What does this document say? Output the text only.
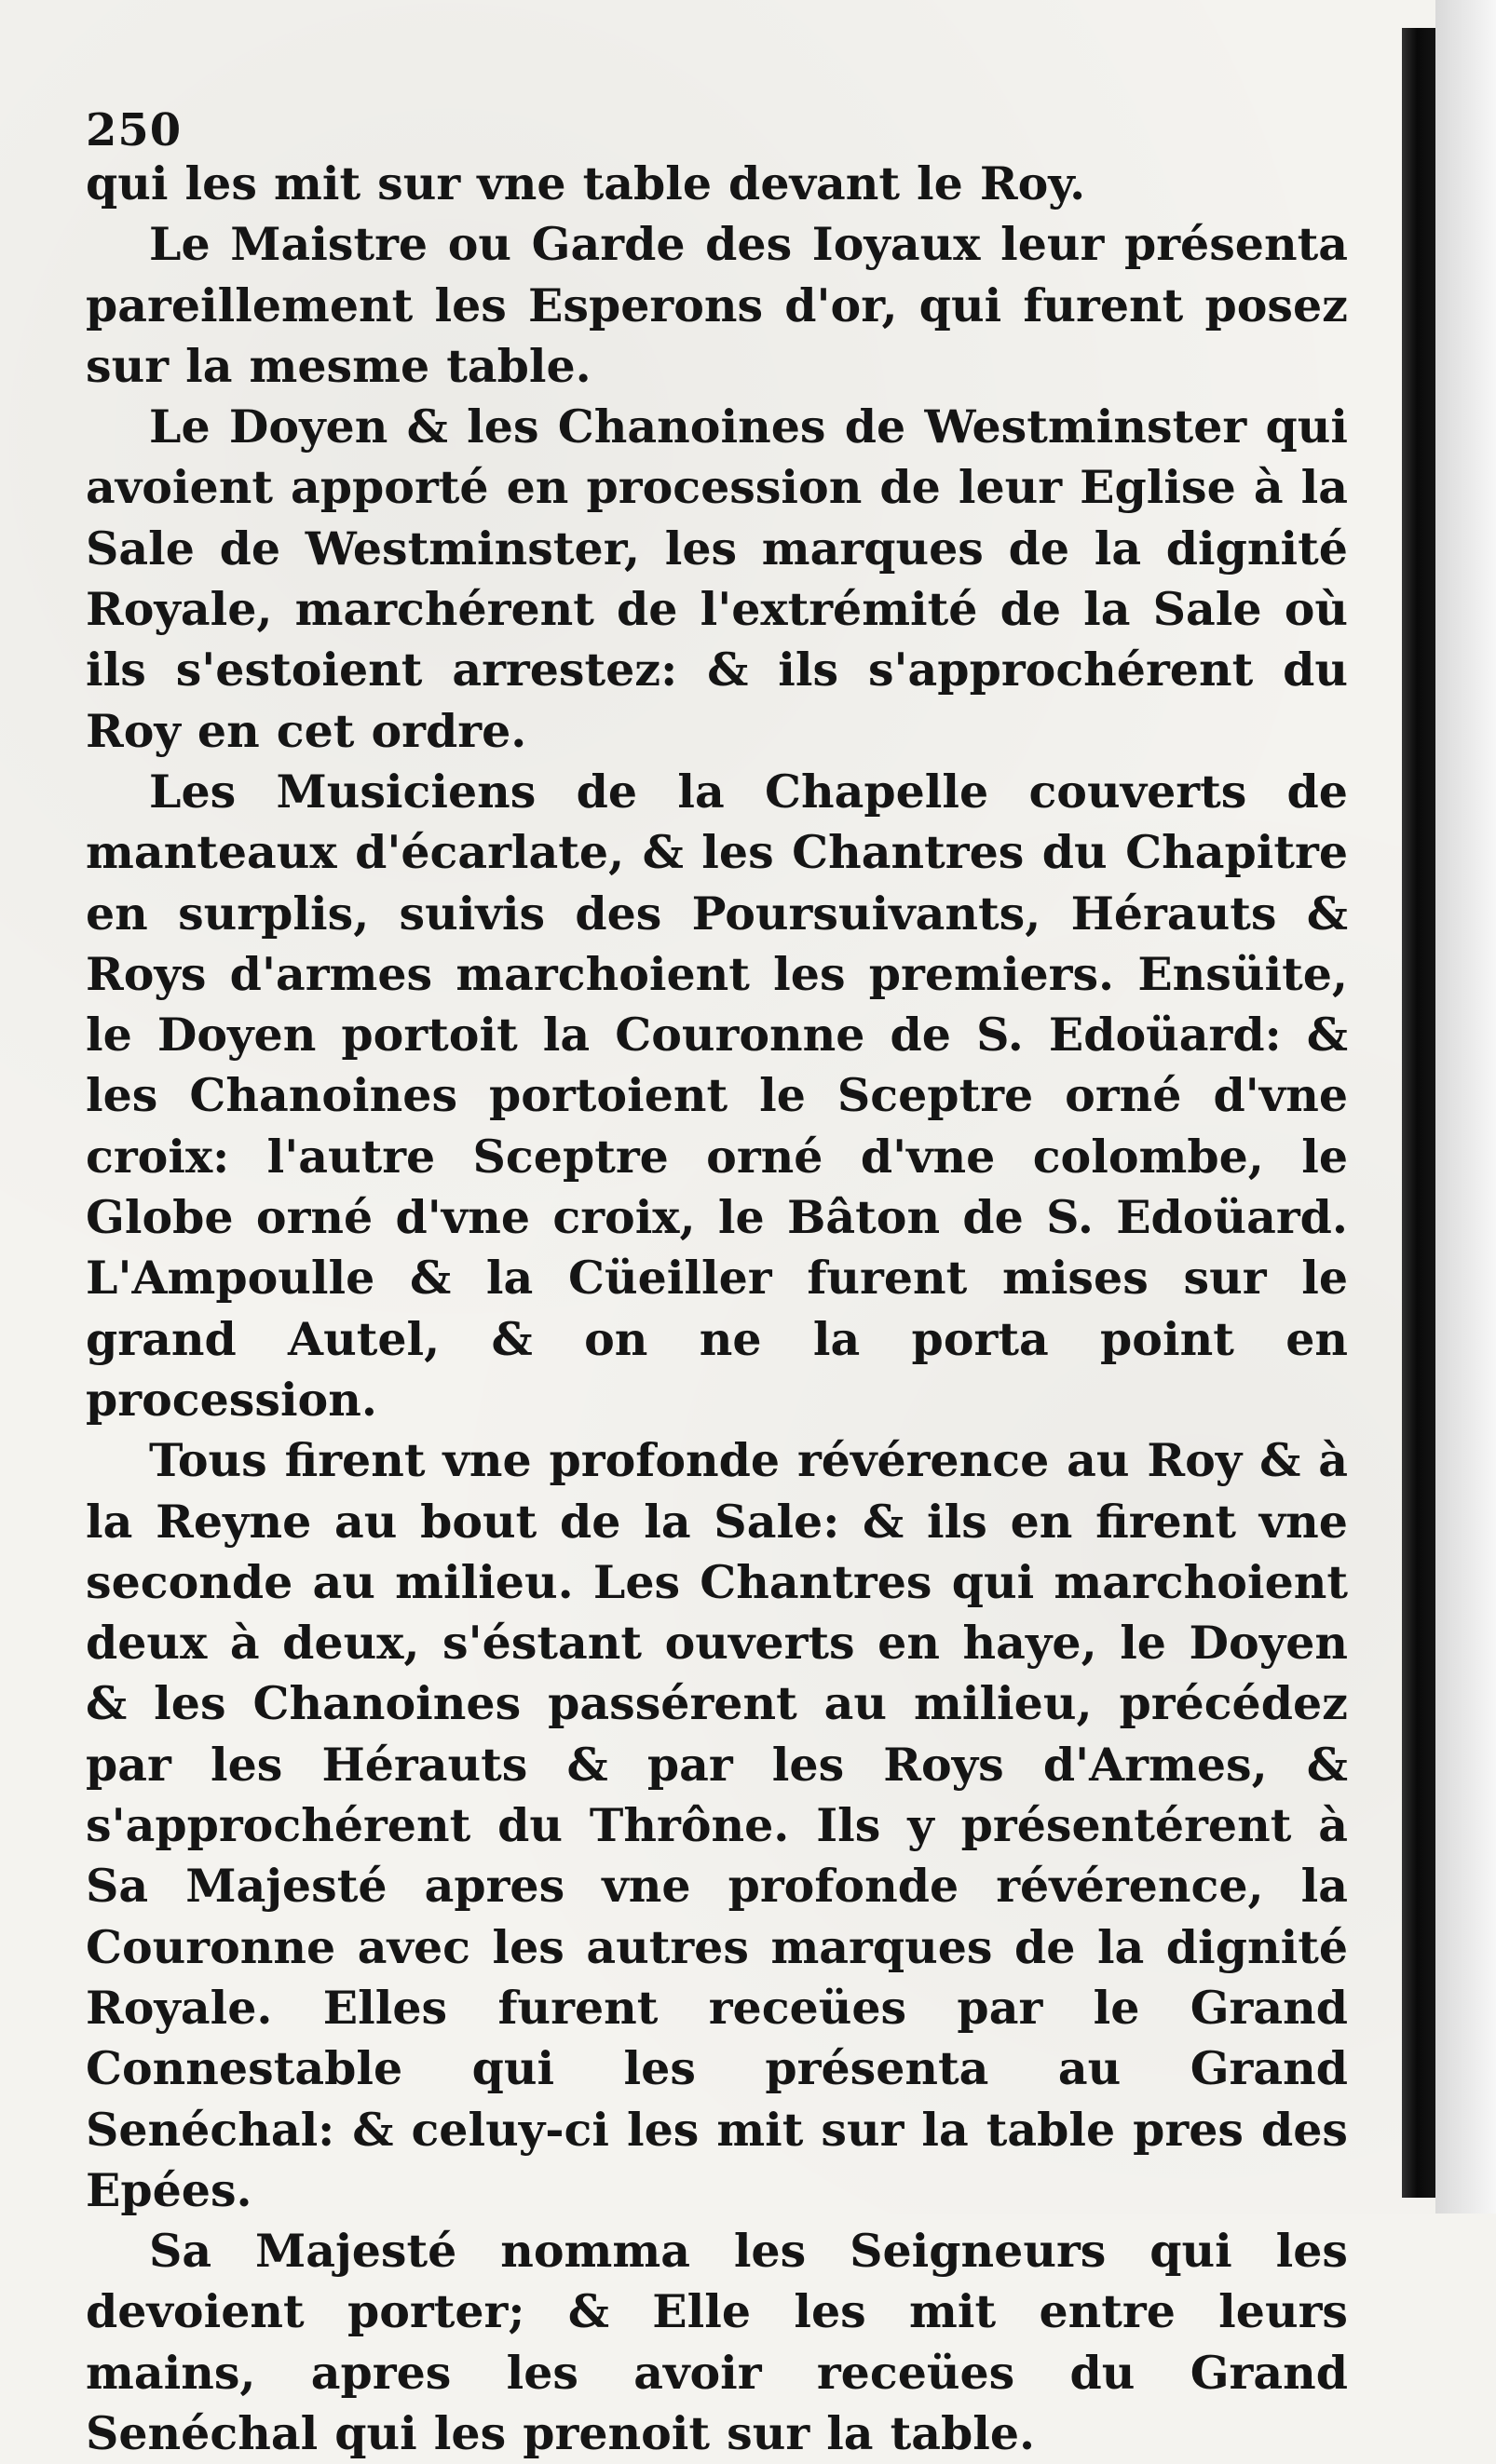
250

qui les mit sur vne table devant le Roy.

Le Maistre ou Garde des Ioyaux leur présenta pareillement les Esperons d'or, qui furent posez sur la mesme table.

Le Doyen & les Chanoines de Westminster qui avoient apporté en procession de leur Eglise à la Sale de Westminster, les marques de la dignité Royale, marchérent de l'extrémité de la Sale où ils s'estoient arrestez: & ils s'approchérent du Roy en cet ordre.

Les Musiciens de la Chapelle couverts de manteaux d'écarlate, & les Chantres du Chapitre en surplis, suivis des Poursuivants, Hérauts & Roys d'armes marchoient les premiers. Ensüite, le Doyen portoit la Couronne de S. Edoüard: & les Chanoines portoient le Sceptre orné d'vne croix: l'autre Sceptre orné d'vne colombe, le Globe orné d'vne croix, le Bâton de S. Edoüard. L'Ampoulle & la Cüeiller furent mises sur le grand Autel, & on ne la porta point en procession.

Tous firent vne profonde révérence au Roy & à la Reyne au bout de la Sale: & ils en firent vne seconde au milieu. Les Chantres qui marchoient deux à deux, s'éstant ouverts en haye, le Doyen & les Chanoines passérent au milieu, précédez par les Hérauts & par les Roys d'Armes, & s'approchérent du Thrône. Ils y présentérent à Sa Majesté apres vne profonde révérence, la Couronne avec les autres marques de la dignité Royale. Elles furent receües par le Grand Connestable qui les présenta au Grand Senéchal: & celuy-ci les mit sur la table pres des Epées.

Sa Majesté nomma les Seigneurs qui les devoient porter; & Elle les mit entre leurs mains, apres les avoir receües du Grand Senéchal qui les prenoit sur la table.
